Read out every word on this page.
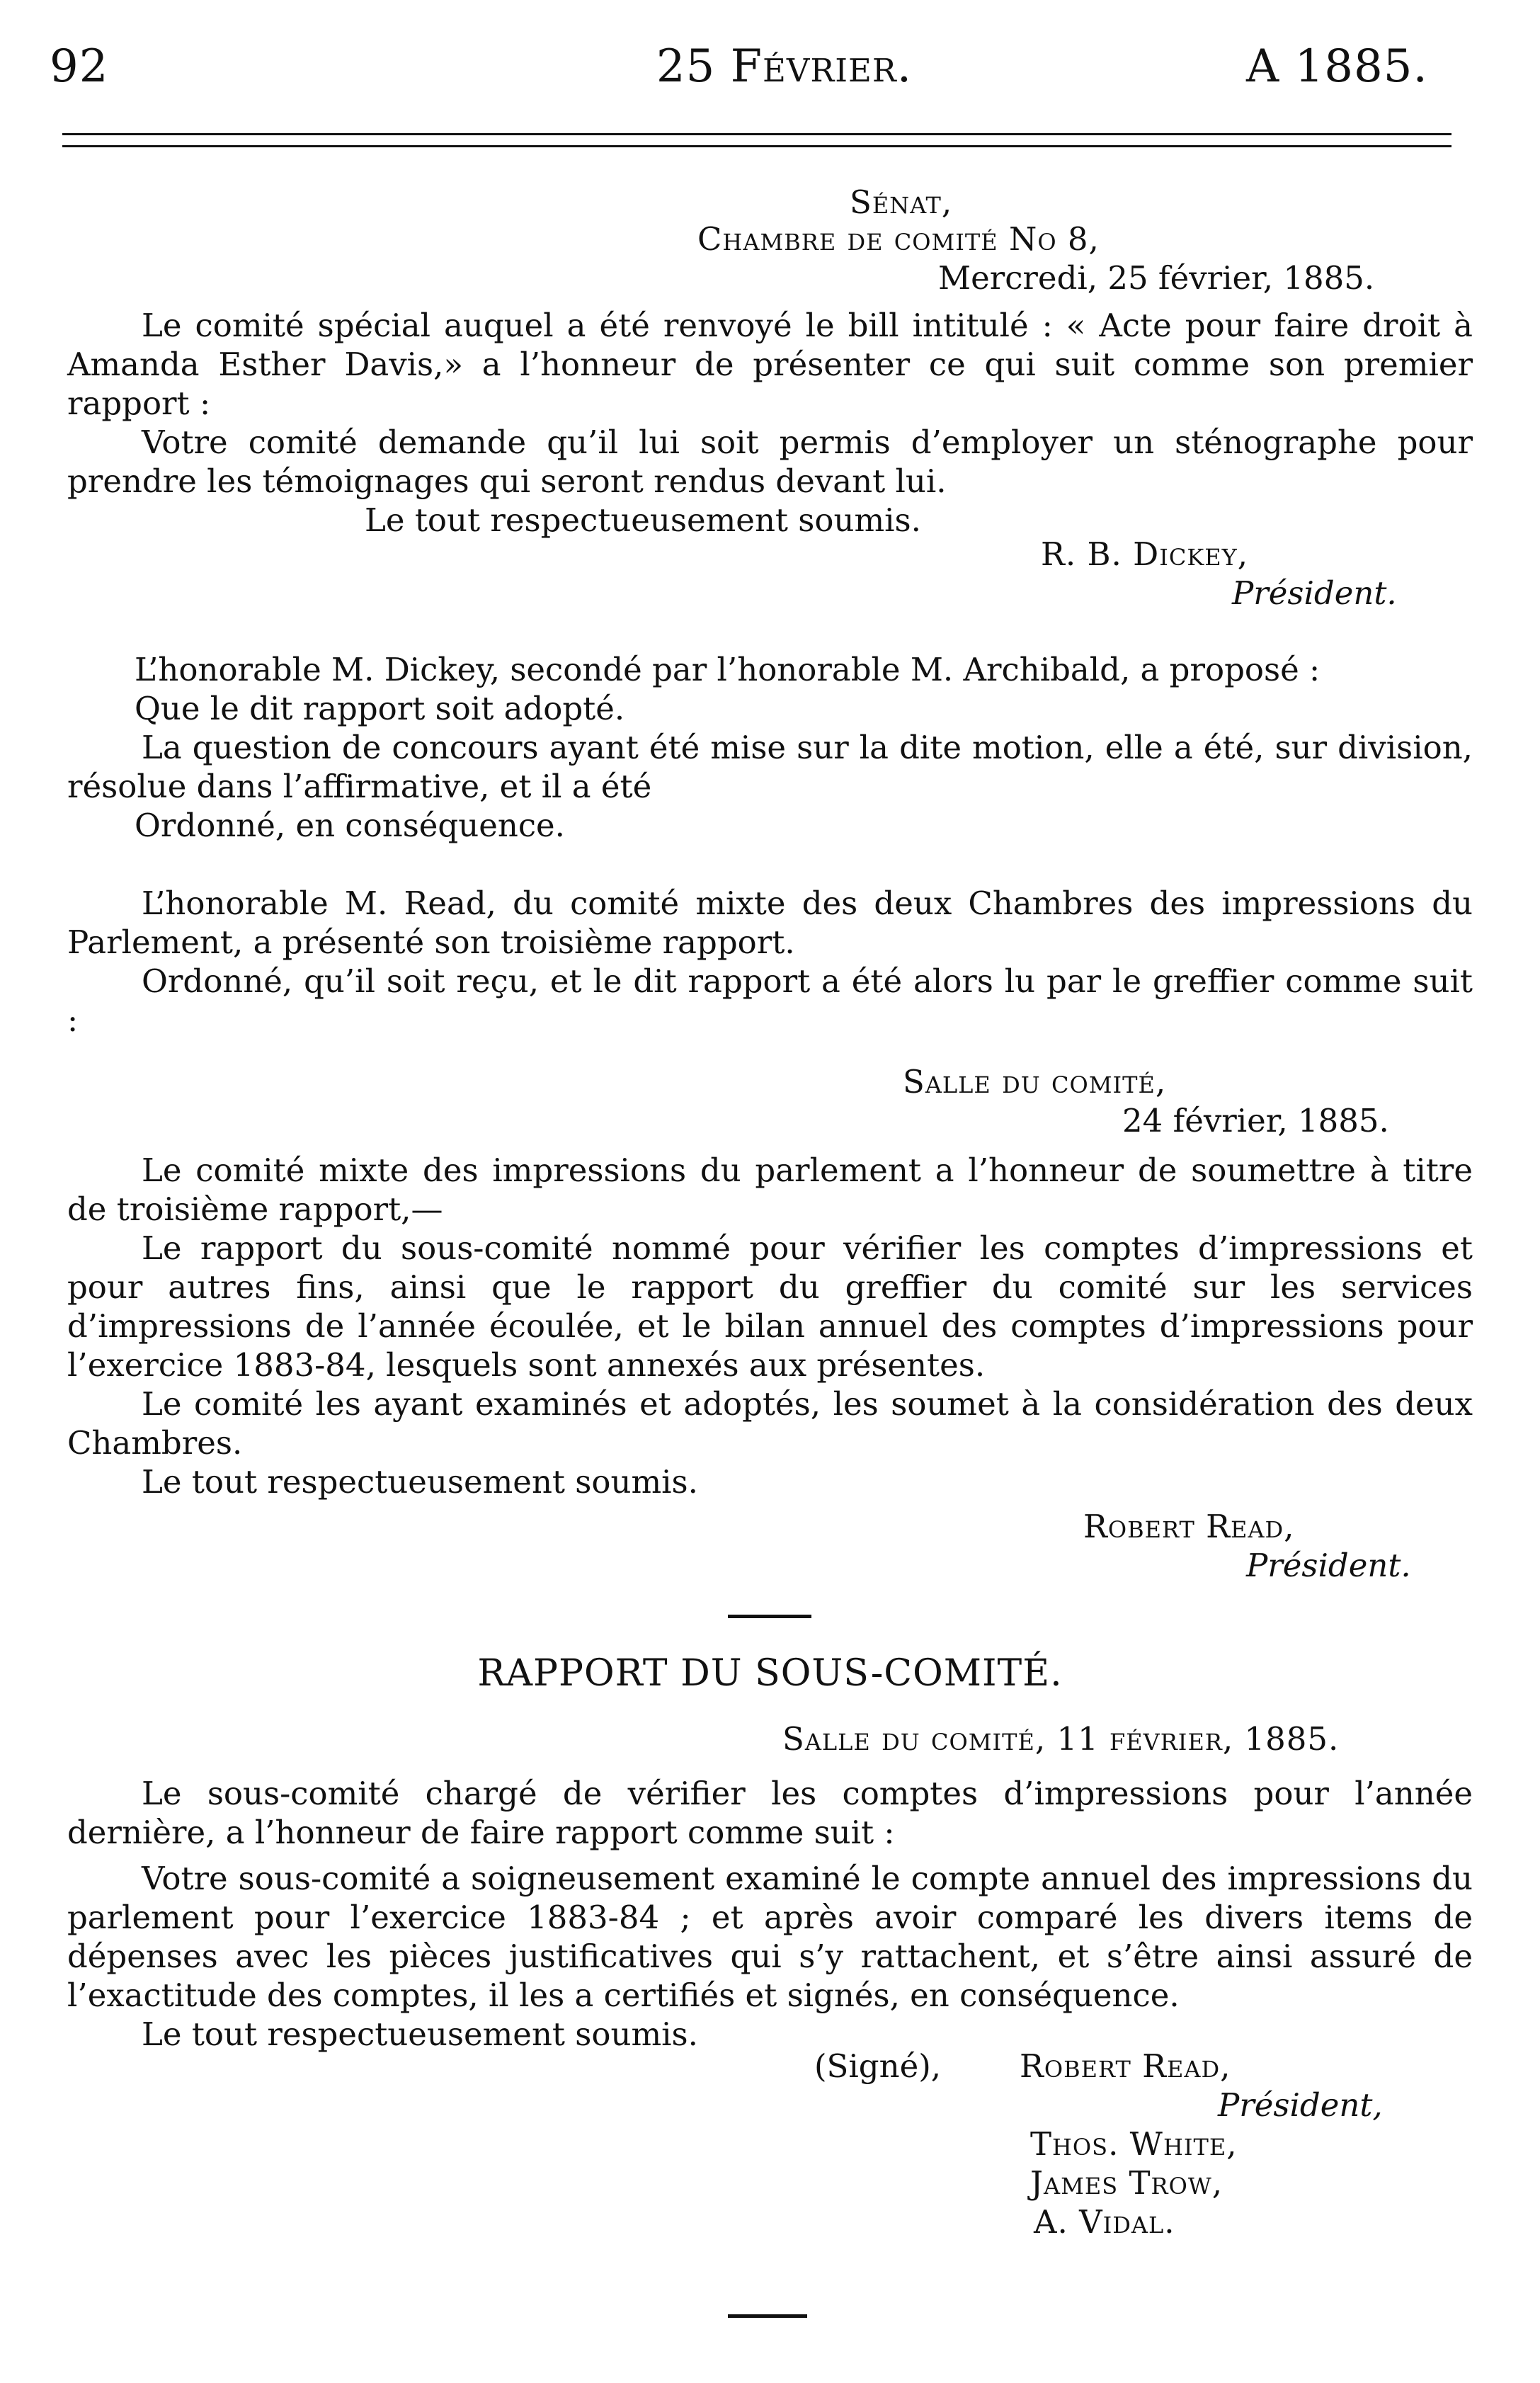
92	25 Février.	A 1885.
Sénat,
Chambre de comité No 8,
Mercredi, 25 février, 1885.

Le comité spécial auquel a été renvoyé le bill intitulé : « Acte pour faire droit à Amanda Esther Davis,» a l’honneur de présenter ce qui suit comme son premier rapport :

Votre comité demande qu’il lui soit permis d’employer un sténographe pour prendre les témoignages qui seront rendus devant lui.

Le tout respectueusement soumis.

R. B. Dickey,
Président.

L’honorable M. Dickey, secondé par l’honorable M. Archibald, a proposé :

Que le dit rapport soit adopté.

La question de concours ayant été mise sur la dite motion, elle a été, sur division, résolue dans l’affirmative, et il a été

Ordonné, en conséquence.

L’honorable M. Read, du comité mixte des deux Chambres des impressions du Parlement, a présenté son troisième rapport.

Ordonné, qu’il soit reçu, et le dit rapport a été alors lu par le greffier comme suit :

Salle du comité,
24 février, 1885.

Le comité mixte des impressions du parlement a l’honneur de soumettre à titre de troisième rapport,—

Le rapport du sous-comité nommé pour vérifier les comptes d’impressions et pour autres fins, ainsi que le rapport du greffier du comité sur les services d’impressions de l’année écoulée, et le bilan annuel des comptes d’impressions pour l’exercice 1883-84, lesquels sont annexés aux présentes.

Le comité les ayant examinés et adoptés, les soumet à la considération des deux Chambres.

Le tout respectueusement soumis.

Robert Read,
Président.
RAPPORT DU SOUS-COMITÉ.
Salle du comité, 11 février, 1885.

Le sous-comité chargé de vérifier les comptes d’impressions pour l’année dernière, a l’honneur de faire rapport comme suit :

Votre sous-comité a soigneusement examiné le compte annuel des impressions du parlement pour l’exercice 1883-84 ; et après avoir comparé les divers items de dépenses avec les pièces justificatives qui s’y rattachent, et s’être ainsi assuré de l’exactitude des comptes, il les a certifiés et signés, en conséquence.

Le tout respectueusement soumis.

(Signé), Robert Read,
Président,
Thos. White,
James Trow,
A. Vidal.
